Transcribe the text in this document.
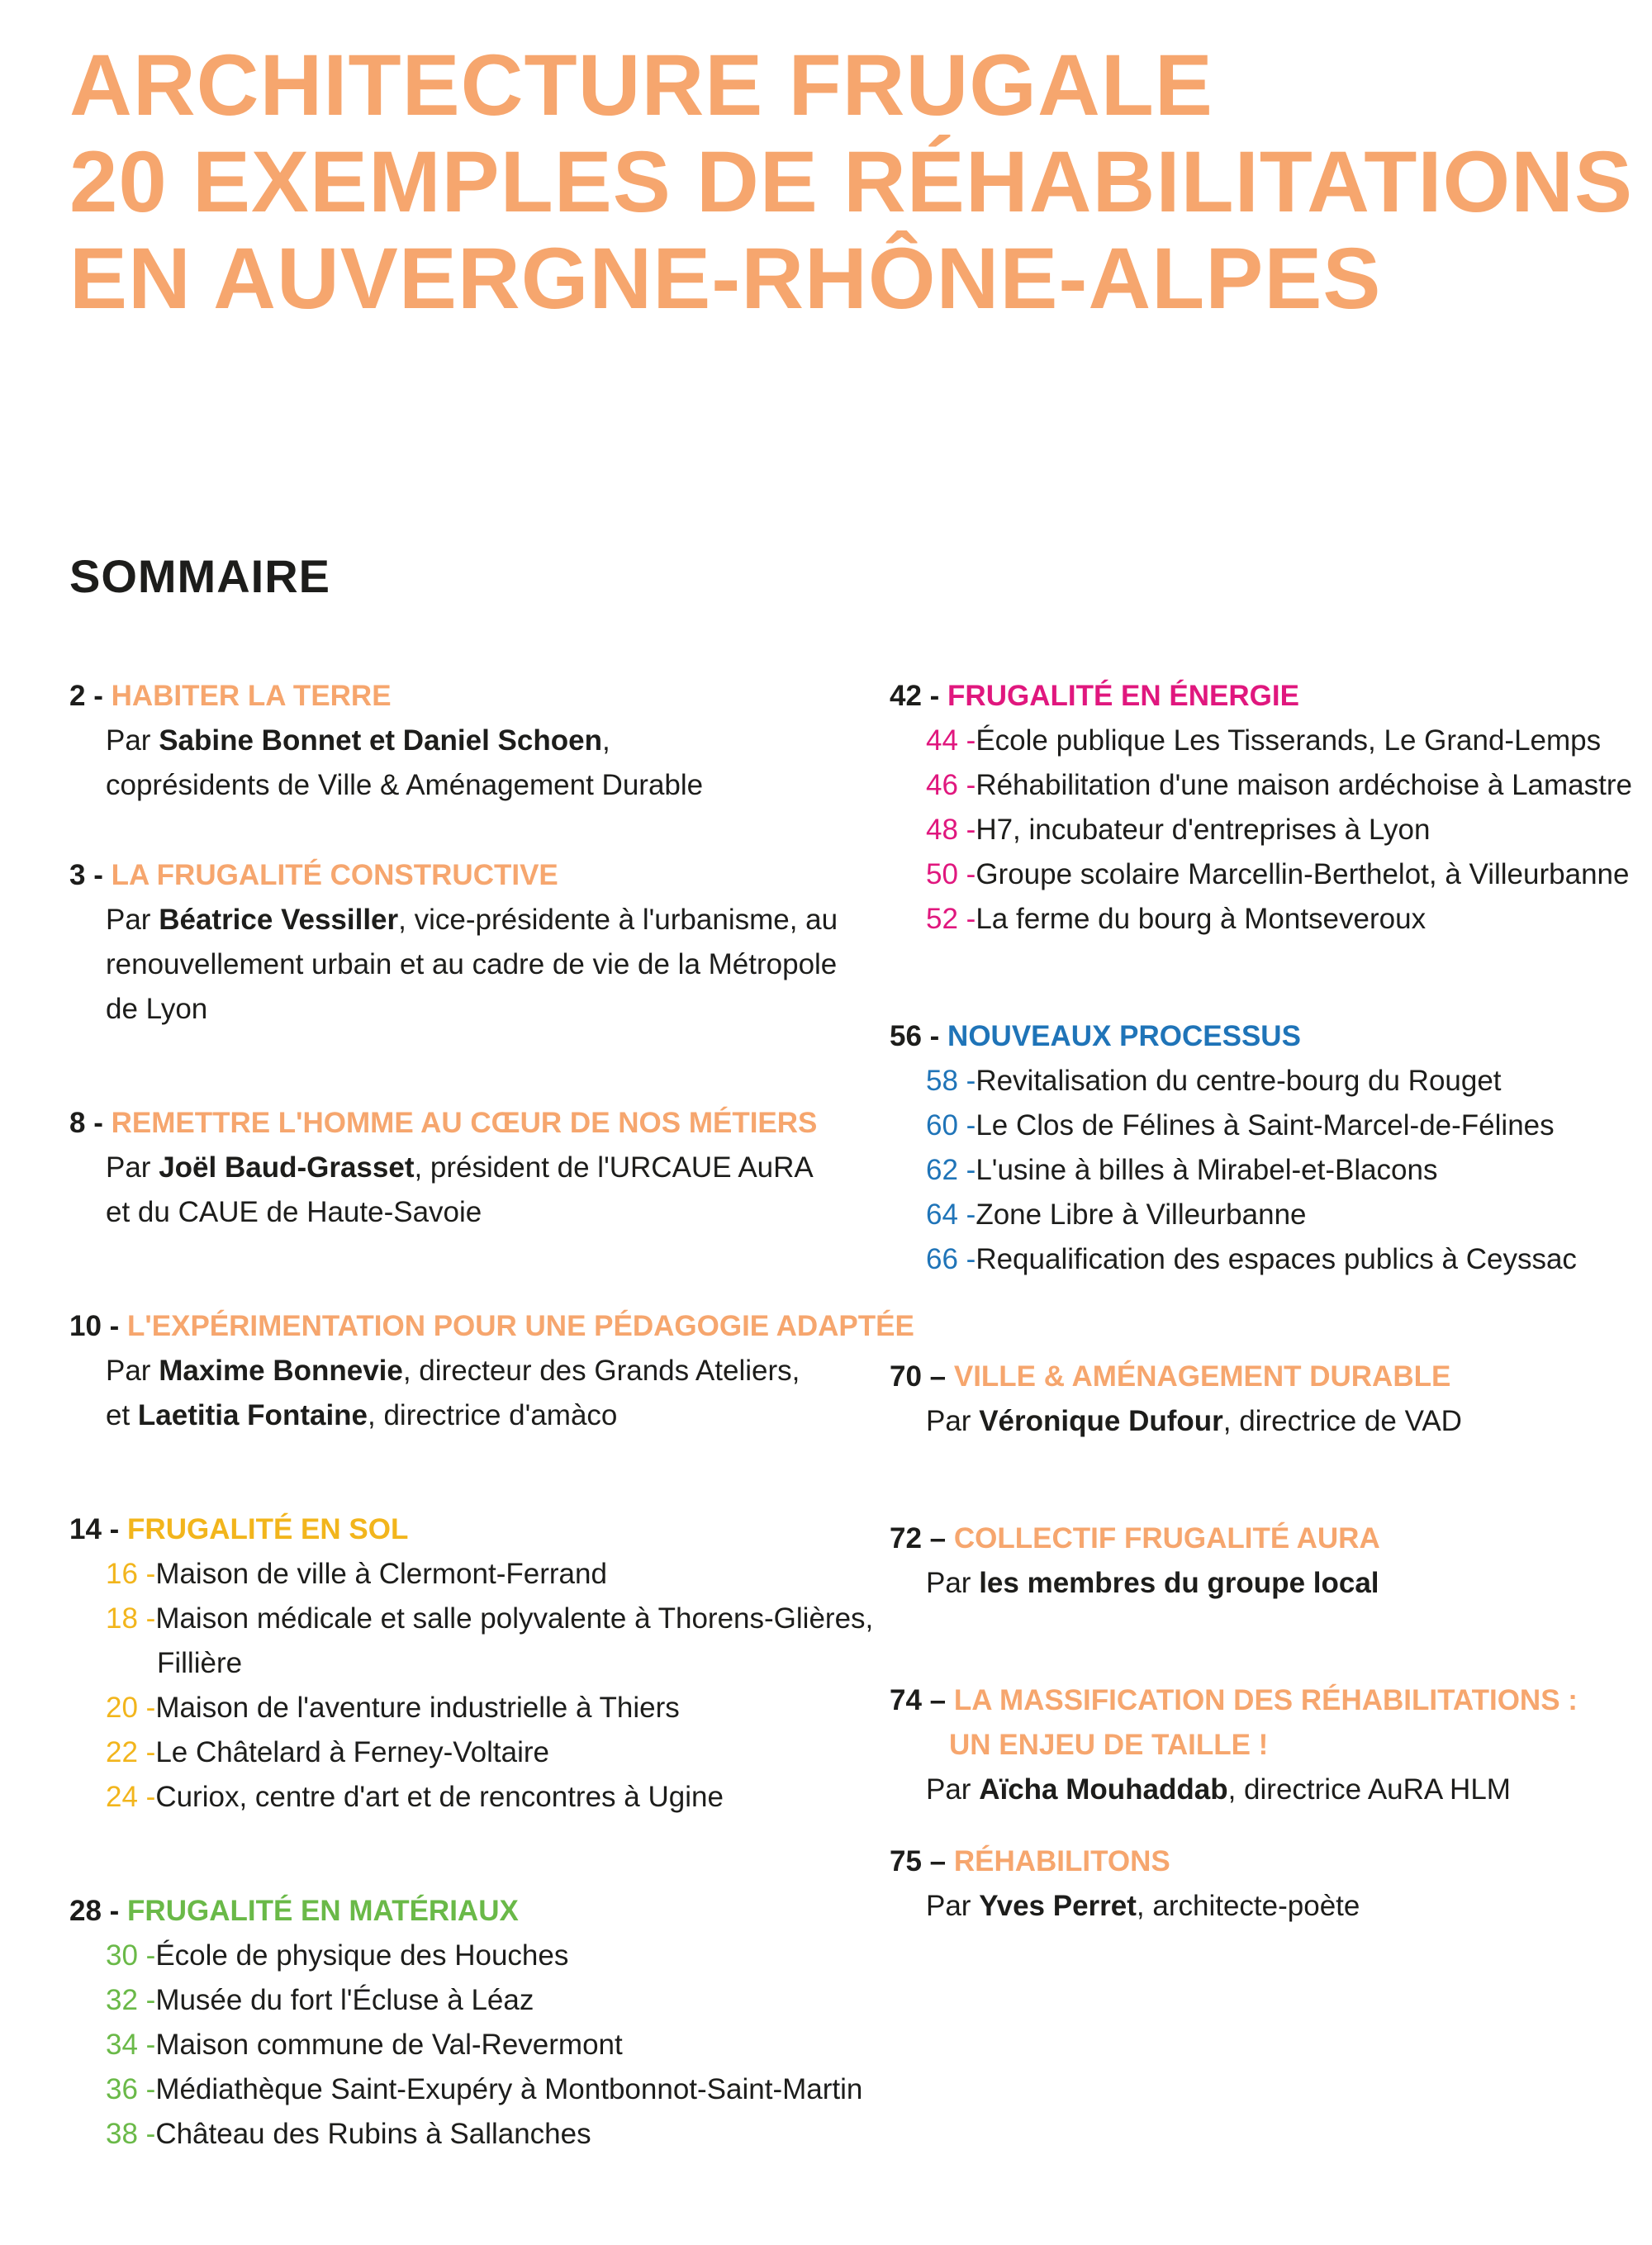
ARCHITECTURE FRUGALE
20 EXEMPLES DE RÉHABILITATIONS
EN AUVERGNE-RHÔNE-ALPES
SOMMAIRE
2 - HABITER LA TERRE
Par Sabine Bonnet et Daniel Schoen,
coprésidents de Ville & Aménagement Durable
3 - LA FRUGALITÉ CONSTRUCTIVE
Par Béatrice Vessiller, vice-présidente à l'urbanisme, au
renouvellement urbain et au cadre de vie de la Métropole
de Lyon
8 - REMETTRE L'HOMME AU CŒUR DE NOS MÉTIERS
Par Joël Baud-Grasset, président de l'URCAUE AuRA
et du CAUE de Haute-Savoie
10 - L'EXPÉRIMENTATION POUR UNE PÉDAGOGIE ADAPTÉE
Par Maxime Bonnevie, directeur des Grands Ateliers,
et Laetitia Fontaine, directrice d'amàco
14 - FRUGALITÉ EN SOL
16 - Maison de ville à Clermont-Ferrand
18 - Maison médicale et salle polyvalente à Thorens-Glières,
Fillière
20 - Maison de l'aventure industrielle à Thiers
22 - Le Châtelard à Ferney-Voltaire
24 - Curiox, centre d'art et de rencontres à Ugine
28 - FRUGALITÉ EN MATÉRIAUX
30 - École de physique des Houches
32 - Musée du fort l'Écluse à Léaz
34 - Maison commune de Val-Revermont
36 - Médiathèque Saint-Exupéry à Montbonnot-Saint-Martin
38 - Château des Rubins à Sallanches
42 - FRUGALITÉ EN ÉNERGIE
44 - École publique Les Tisserands, Le Grand-Lemps
46 - Réhabilitation d'une maison ardéchoise à Lamastre
48 - H7, incubateur d'entreprises à Lyon
50 - Groupe scolaire Marcellin-Berthelot, à Villeurbanne
52 - La ferme du bourg à Montseveroux
56 - NOUVEAUX PROCESSUS
58 - Revitalisation du centre-bourg du Rouget
60 - Le Clos de Félines à Saint-Marcel-de-Félines
62 - L'usine à billes à Mirabel-et-Blacons
64 - Zone Libre à Villeurbanne
66 - Requalification des espaces publics à Ceyssac
70 – VILLE & AMÉNAGEMENT DURABLE
Par Véronique Dufour, directrice de VAD
72 – COLLECTIF FRUGALITÉ AURA
Par les membres du groupe local
74 – LA MASSIFICATION DES RÉHABILITATIONS :
UN ENJEU DE TAILLE !
Par Aïcha Mouhaddab, directrice AuRA HLM
75 – RÉHABILITONS
Par Yves Perret, architecte-poète
